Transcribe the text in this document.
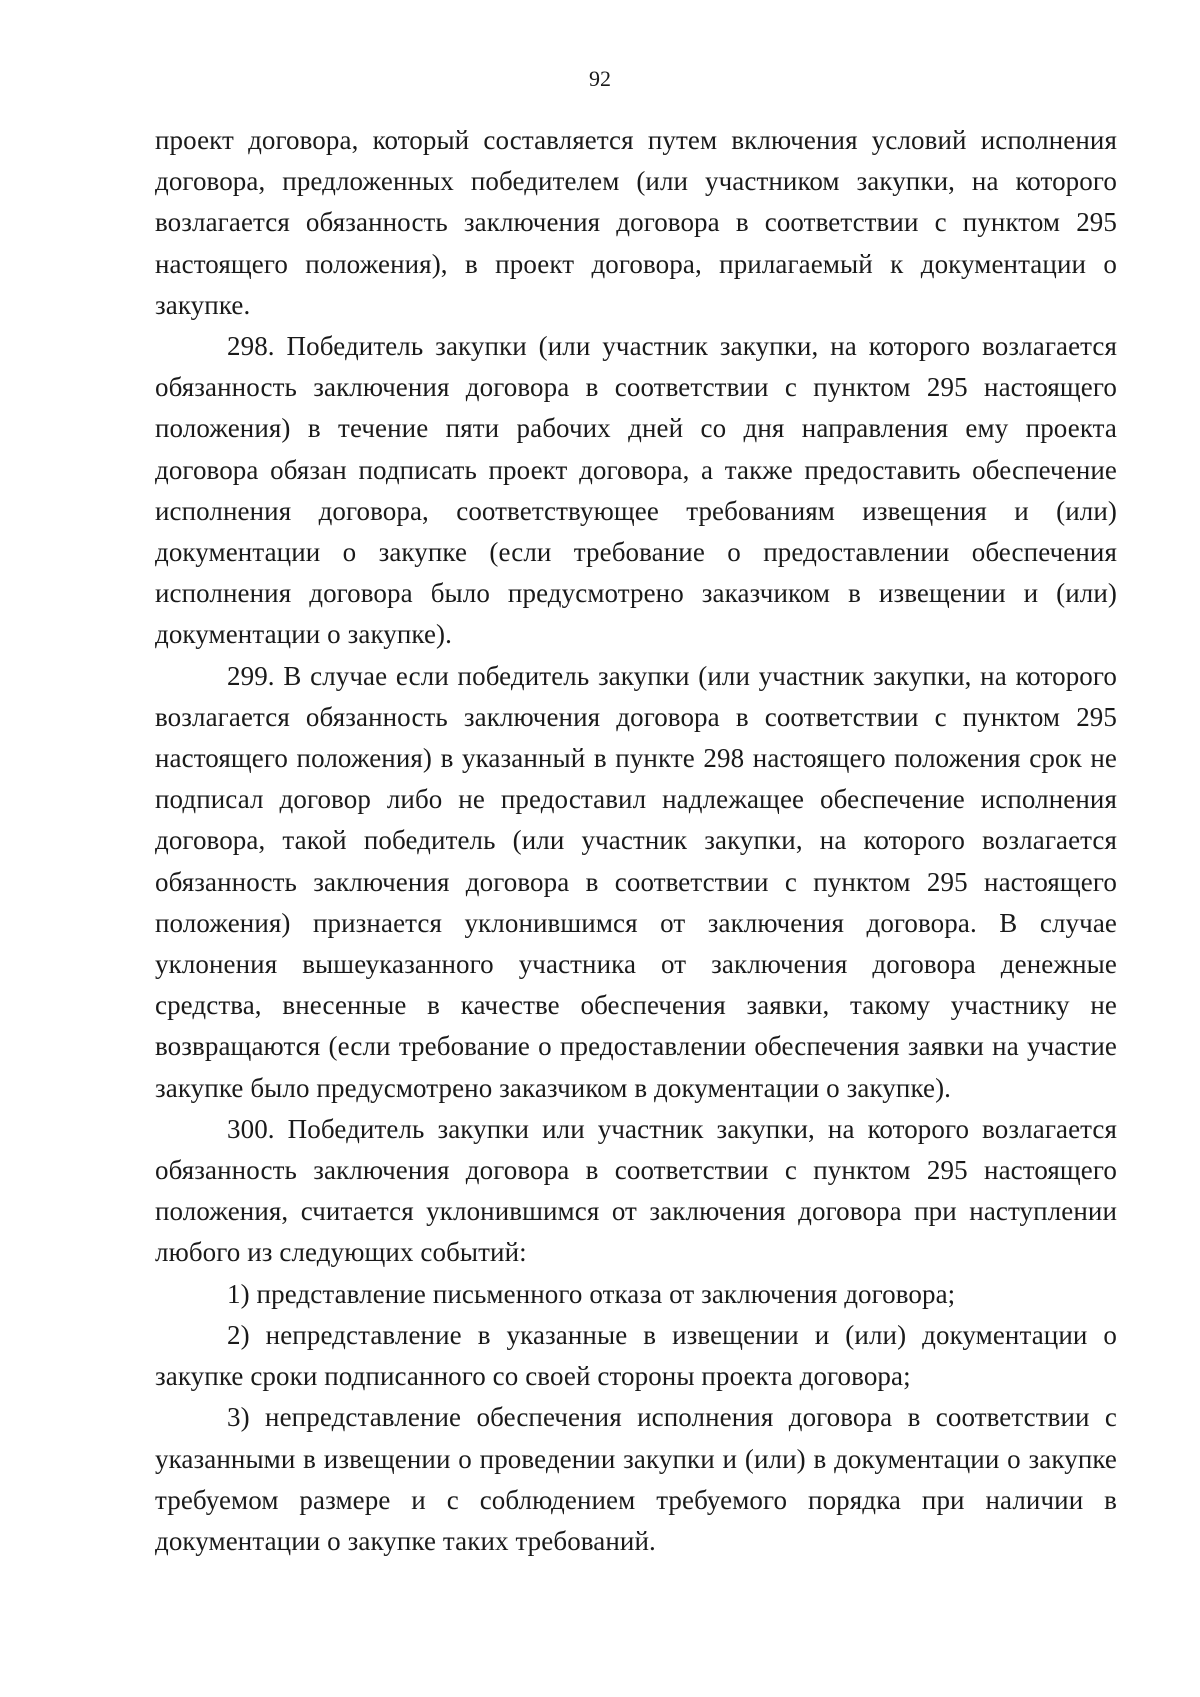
92

проект договора, который составляется путем включения условий исполнения договора, предложенных победителем (или участником закупки, на которого возлагается обязанность заключения договора в соответствии с пунктом 295 настоящего положения), в проект договора, прилагаемый к документации о закупке.

298. Победитель закупки (или участник закупки, на которого возлагается обязанность заключения договора в соответствии с пунктом 295 настоящего положения) в течение пяти рабочих дней со дня направления ему проекта договора обязан подписать проект договора, а также предоставить обеспечение исполнения договора, соответствующее требованиям извещения и (или) документации о закупке (если требование о предоставлении обеспечения исполнения договора было предусмотрено заказчиком в извещении и (или) документации о закупке).

299. В случае если победитель закупки (или участник закупки, на которого возлагается обязанность заключения договора в соответствии с пунктом 295 настоящего положения) в указанный в пункте 298 настоящего положения срок не подписал договор либо не предоставил надлежащее обеспечение исполнения договора, такой победитель (или участник закупки, на которого возлагается обязанность заключения договора в соответствии с пунктом 295 настоящего положения) признается уклонившимся от заключения договора. В случае уклонения вышеуказанного участника от заключения договора денежные средства, внесенные в качестве обеспечения заявки, такому участнику не возвращаются (если требование о предоставлении обеспечения заявки на участие закупке было предусмотрено заказчиком в документации о закупке).

300. Победитель закупки или участник закупки, на которого возлагается обязанность заключения договора в соответствии с пунктом 295 настоящего положения, считается уклонившимся от заключения договора при наступлении любого из следующих событий:

1) представление письменного отказа от заключения договора;

2) непредставление в указанные в извещении и (или) документации о закупке сроки подписанного со своей стороны проекта договора;

3) непредставление обеспечения исполнения договора в соответствии с указанными в извещении о проведении закупки и (или) в документации о закупке требуемом размере и с соблюдением требуемого порядка при наличии в документации о закупке таких требований.
